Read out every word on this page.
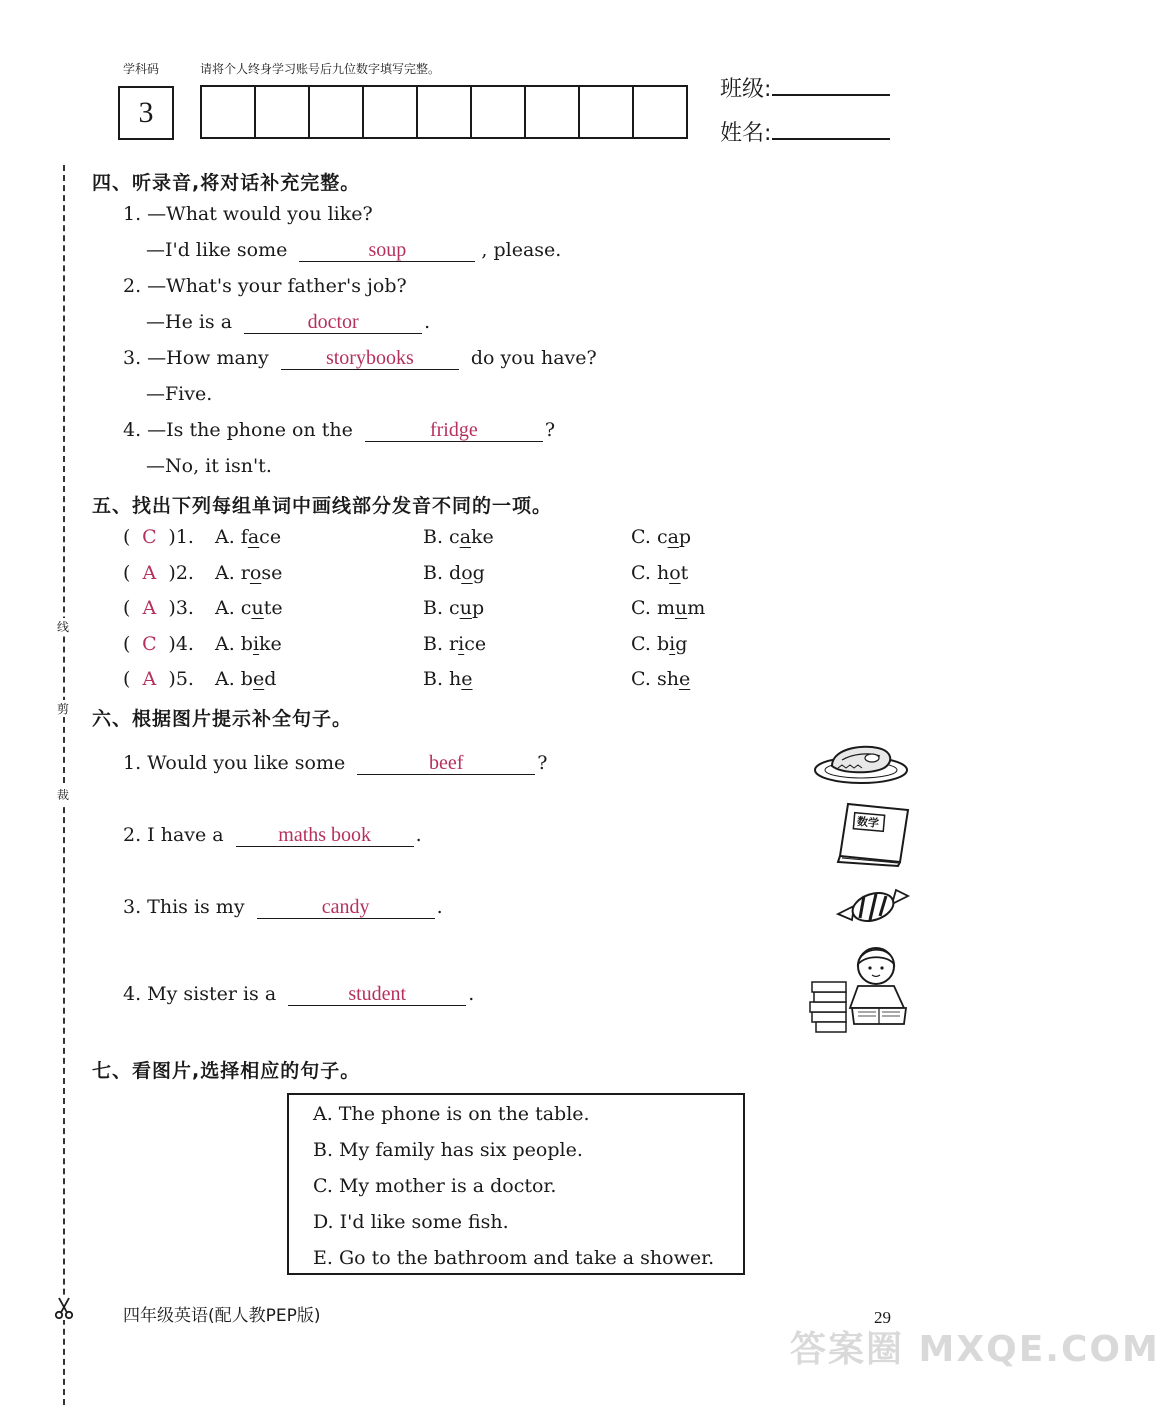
学科码	请将个人终身学习账号后九位数字填写完整。
3
班级:
姓名:
线
剪
裁
四、听录音,将对话补充完整。
1. —What would you like?
—I'd like some	soup	, please.
2. —What's your father's job?
—He is a	doctor	.
3. —How many	storybooks	do you have?
—Five.
4. —Is the phone on the	fridge	?
—No, it isn't.
五、找出下列每组单词中画线部分发音不同的一项。
( C )1. A. face	B. cake	C. cap
( A )2. A. rose	B. dog	C. hot
( A )3. A. cute	B. cup	C. mum
( C )4. A. bike	B. rice	C. big
( A )5. A. bed	B. he	C. she
六、根据图片提示补全句子。
1. Would you like some	beef	?
2. I have a	maths book .
3. This is my	candy	.
4. My sister is a	student	.
数学
七、看图片,选择相应的句子。
A. The phone is on the table.
B. My family has six people.
C. My mother is a doctor.
D. I'd like some fish.
E. Go to the bathroom and take a shower.
四年级英语(配人教PEP版)	29
答案圈 MXQE.COM
